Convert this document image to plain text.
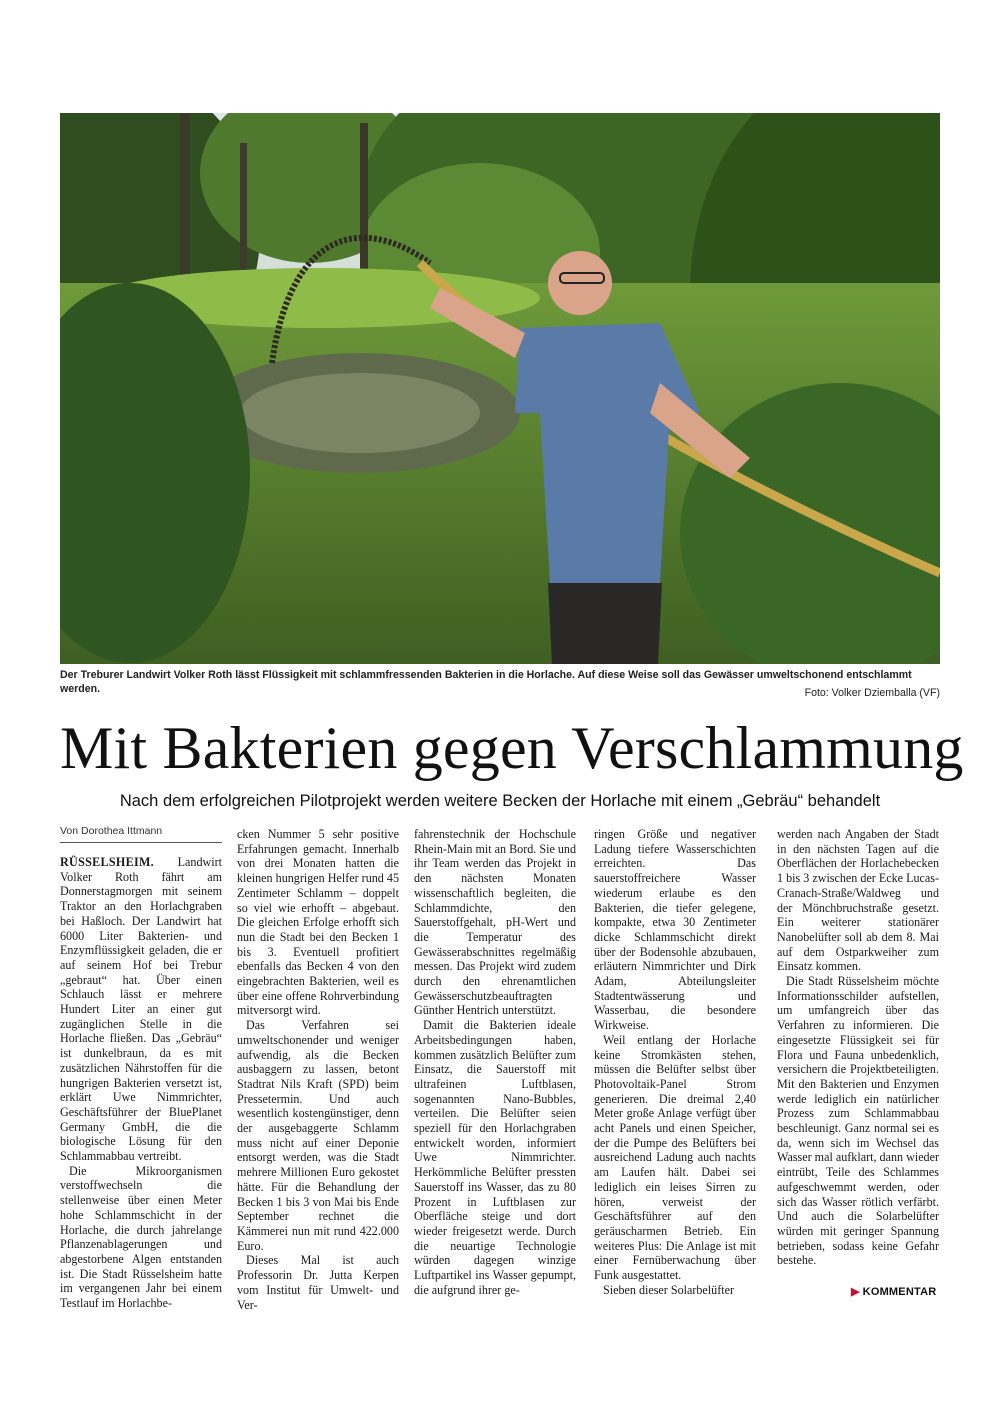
Der Treburer Landwirt Volker Roth lässt Flüssigkeit mit schlammfressenden Bakterien in die Horlache. Auf diese Weise soll das Gewässer umweltschonend entschlammt werden.	Foto: Volker Dziemballa (VF)
Mit Bakterien gegen Verschlammung
Nach dem erfolgreichen Pilotprojekt werden weitere Becken der Horlache mit einem „Gebräu“ behandelt
Von Dorothea Ittmann

RÜSSELSHEIM. Landwirt Volker Roth fährt am Donnerstagmorgen mit seinem Traktor an den Horlachgraben bei Haßloch. Der Landwirt hat 6000 Liter Bakterien- und Enzymflüssigkeit geladen, die er auf seinem Hof bei Trebur „gebraut“ hat. Über einen Schlauch lässt er mehrere Hundert Liter an einer gut zugänglichen Stelle in die Horlache fließen. Das „Gebräu“ ist dunkelbraun, da es mit zusätzlichen Nährstoffen für die hungrigen Bakterien versetzt ist, erklärt Uwe Nimmrichter, Geschäftsführer der BluePlanet Germany GmbH, die die biologische Lösung für den Schlammabbau vertreibt.

Die Mikroorganismen verstoffwechseln die stellenweise über einen Meter hohe Schlammschicht in der Horlache, die durch jahrelange Pflanzenablagerungen und abgestorbene Algen entstanden ist. Die Stadt Rüsselsheim hatte im vergangenen Jahr bei einem Testlauf im Horlachbe-

cken Nummer 5 sehr positive Erfahrungen gemacht. Innerhalb von drei Monaten hatten die kleinen hungrigen Helfer rund 45 Zentimeter Schlamm – doppelt so viel wie erhofft – abgebaut. Die gleichen Erfolge erhofft sich nun die Stadt bei den Becken 1 bis 3. Eventuell profitiert ebenfalls das Becken 4 von den eingebrachten Bakterien, weil es über eine offene Rohrverbindung mitversorgt wird.

Das Verfahren sei umweltschonender und weniger aufwendig, als die Becken ausbaggern zu lassen, betont Stadtrat Nils Kraft (SPD) beim Pressetermin. Und auch wesentlich kostengünstiger, denn der ausgebaggerte Schlamm muss nicht auf einer Deponie entsorgt werden, was die Stadt mehrere Millionen Euro gekostet hätte. Für die Behandlung der Becken 1 bis 3 von Mai bis Ende September rechnet die Kämmerei nun mit rund 422.000 Euro.

Dieses Mal ist auch Professorin Dr. Jutta Kerpen vom Institut für Umwelt- und Ver-

fahrenstechnik der Hochschule Rhein-Main mit an Bord. Sie und ihr Team werden das Projekt in den nächsten Monaten wissenschaftlich begleiten, die Schlammdichte, den Sauerstoffgehalt, pH-Wert und die Temperatur des Gewässerabschnittes regelmäßig messen. Das Projekt wird zudem durch den ehrenamtlichen Gewässerschutzbeauftragten Günther Hentrich unterstützt.

Damit die Bakterien ideale Arbeitsbedingungen haben, kommen zusätzlich Belüfter zum Einsatz, die Sauerstoff mit ultrafeinen Luftblasen, sogenannten Nano-Bubbles, verteilen. Die Belüfter seien speziell für den Horlachgraben entwickelt worden, informiert Uwe Nimmrichter. Herkömmliche Belüfter pressten Sauerstoff ins Wasser, das zu 80 Prozent in Luftblasen zur Oberfläche steige und dort wieder freigesetzt werde. Durch die neuartige Technologie würden dagegen winzige Luftpartikel ins Wasser gepumpt, die aufgrund ihrer ge-

ringen Größe und negativer Ladung tiefere Wasserschichten erreichten. Das sauerstoffreichere Wasser wiederum erlaube es den Bakterien, die tiefer gelegene, kompakte, etwa 30 Zentimeter dicke Schlammschicht direkt über der Bodensohle abzubauen, erläutern Nimmrichter und Dirk Adam, Abteilungsleiter Stadtentwässerung und Wasserbau, die besondere Wirkweise.

Weil entlang der Horlache keine Stromkästen stehen, müssen die Belüfter selbst über Photovoltaik-Panel Strom generieren. Die dreimal 2,40 Meter große Anlage verfügt über acht Panels und einen Speicher, der die Pumpe des Belüfters bei ausreichend Ladung auch nachts am Laufen hält. Dabei sei lediglich ein leises Sirren zu hören, verweist der Geschäftsführer auf den geräuscharmen Betrieb. Ein weiteres Plus: Die Anlage ist mit einer Fernüberwachung über Funk ausgestattet.

Sieben dieser Solarbelüfter

werden nach Angaben der Stadt in den nächsten Tagen auf die Oberflächen der Horlachebecken 1 bis 3 zwischen der Ecke Lucas-Cranach-Straße/Waldweg und der Mönchbruchstraße gesetzt. Ein weiterer stationärer Nanobelüfter soll ab dem 8. Mai auf dem Ostparkweiher zum Einsatz kommen.

Die Stadt Rüsselsheim möchte Informationsschilder aufstellen, um umfangreich über das Verfahren zu informieren. Die eingesetzte Flüssigkeit sei für Flora und Fauna unbedenklich, versichern die Projektbeteiligten. Mit den Bakterien und Enzymen werde lediglich ein natürlicher Prozess zum Schlammabbau beschleunigt. Ganz normal sei es da, wenn sich im Wechsel das Wasser mal aufklart, dann wieder eintrübt, Teile des Schlammes aufgeschwemmt werden, oder sich das Wasser rötlich verfärbt. Und auch die Solarbelüfter würden mit geringer Spannung betrieben, sodass keine Gefahr bestehe.

▶ KOMMENTAR
